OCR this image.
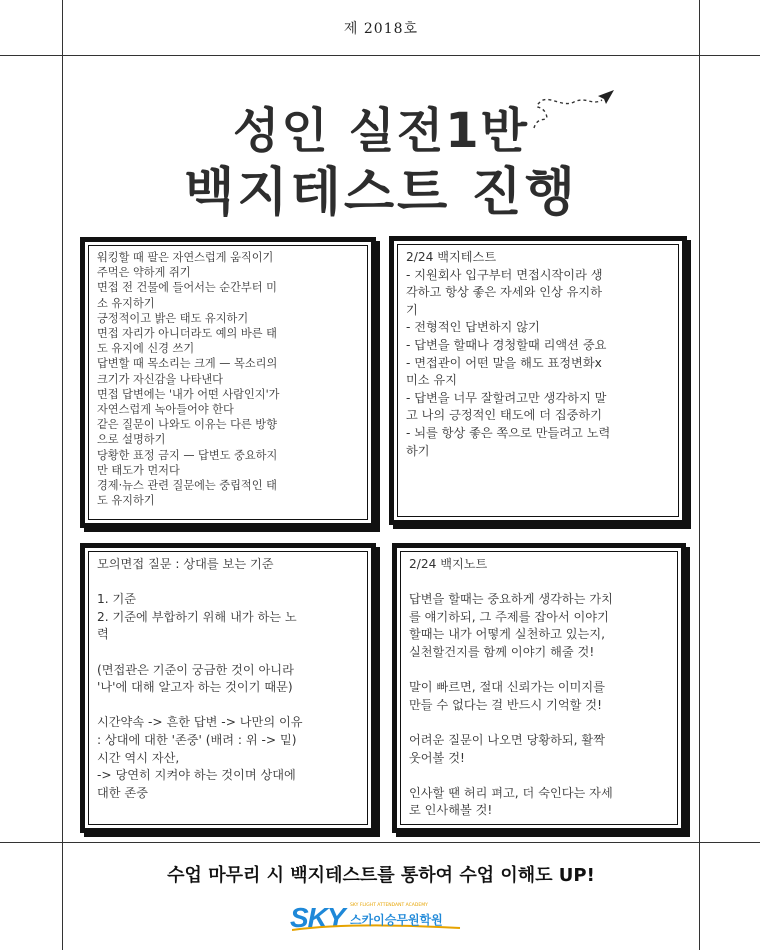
제 2018호
성인 실전1반
백지테스트 진행
워킹할 때 팔은 자연스럽게 움직이기
주먹은 약하게 쥐기
면접 전 건물에 들어서는 순간부터 미
소 유지하기
긍정적이고 밝은 태도 유지하기
면접 자리가 아니더라도 예의 바른 태
도 유지에 신경 쓰기
답변할 때 목소리는 크게 — 목소리의
크기가 자신감을 나타낸다
면접 답변에는 '내가 어떤 사람인지'가
자연스럽게 녹아들어야 한다
같은 질문이 나와도 이유는 다른 방향
으로 설명하기
당황한 표정 금지 — 답변도 중요하지
만 태도가 먼저다
경제·뉴스 관련 질문에는 중립적인 태
도 유지하기
2/24 백지테스트
- 지원회사 입구부터 면접시작이라 생
각하고 항상 좋은 자세와 인상 유지하
기
- 전형적인 답변하지 않기
- 답변을 할때나 경청할때 리액션 중요
- 면접관이 어떤 말을 해도 표정변화x
미소 유지
- 답변을 너무 잘할려고만 생각하지 말
고 나의 긍정적인 태도에 더 집중하기
- 뇌를 항상 좋은 쪽으로 만들려고 노력
하기
모의면접 질문 : 상대를 보는 기준

1. 기준
2. 기준에 부합하기 위해 내가 하는 노
력

(면접관은 기준이 궁금한 것이 아니라
'나'에 대해 알고자 하는 것이기 때문)

시간약속 -> 흔한 답변 -> 나만의 이유
: 상대에 대한 '존중' (배려 : 위 -> 밑)
시간 역시 자산,
-> 당연히 지켜야 하는 것이며 상대에
대한 존중
2/24 백지노트

답변을 할때는 중요하게 생각하는 가치
를 얘기하되, 그 주제를 잡아서 이야기
할때는 내가 어떻게 실천하고 있는지,
실천할건지를 함께 이야기 해줄 것!

말이 빠르면, 절대 신뢰가는 이미지를
만들 수 없다는 걸 반드시 기억할 것!

어려운 질문이 나오면 당황하되, 활짝
웃어볼 것!

인사할 땐 허리 펴고, 더 숙인다는 자세
로 인사해볼 것!
수업 마무리 시 백지테스트를 통하여 수업 이해도 UP!
SKY SKY FLIGHT ATTENDANT ACADEMY
스카이승무원학원
